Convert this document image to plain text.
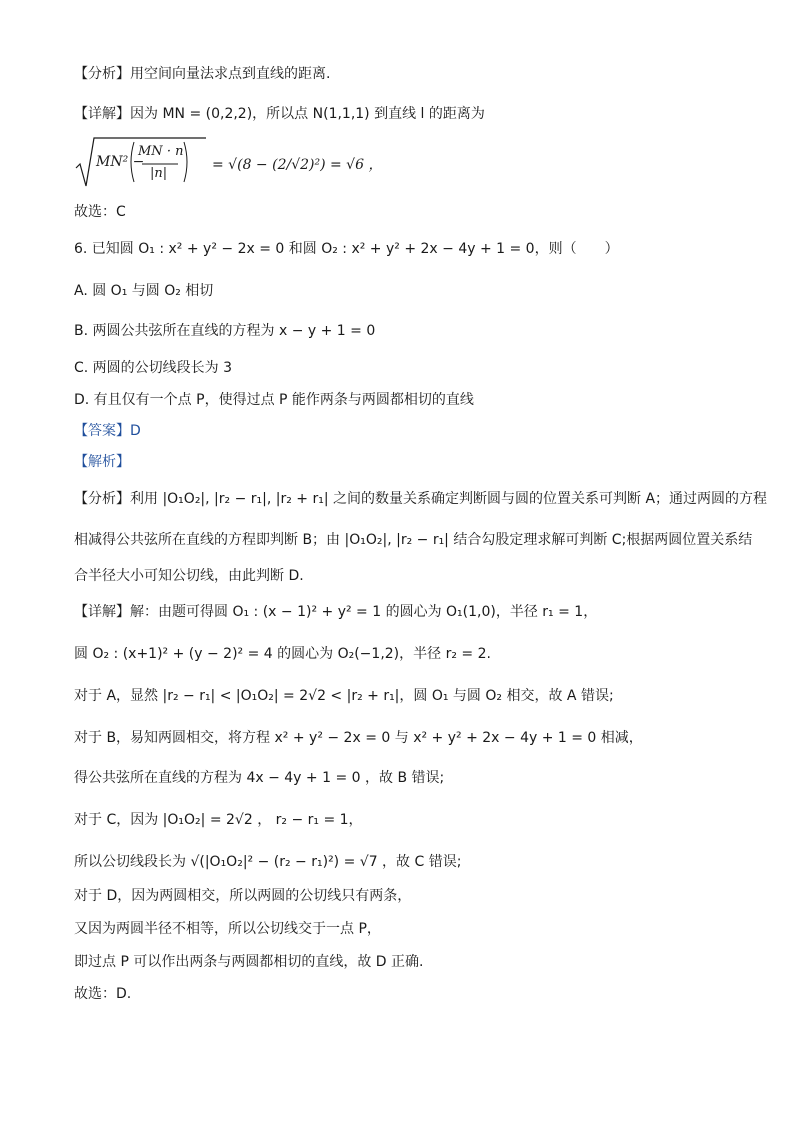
【分析】用空间向量法求点到直线的距离.
【详解】因为 MN = (0,2,2)，所以点 N(1,1,1) 到直线 l 的距离为
MN² −
MN · n
|n|
= √(8 − (2/√2)²) = √6 ，
故选：C
6. 已知圆 O₁ : x² + y² − 2x = 0 和圆 O₂ : x² + y² + 2x − 4y + 1 = 0，则（　　）
A. 圆 O₁ 与圆 O₂ 相切
B. 两圆公共弦所在直线的方程为 x − y + 1 = 0
C. 两圆的公切线段长为 3
D. 有且仅有一个点 P，使得过点 P 能作两条与两圆都相切的直线
【答案】D
【解析】
【分析】利用 |O₁O₂|, |r₂ − r₁|, |r₂ + r₁| 之间的数量关系确定判断圆与圆的位置关系可判断 A；通过两圆的方程
相减得公共弦所在直线的方程即判断 B；由 |O₁O₂|, |r₂ − r₁| 结合勾股定理求解可判断 C;根据两圆位置关系结
合半径大小可知公切线，由此判断 D.
【详解】解：由题可得圆 O₁ : (x − 1)² + y² = 1 的圆心为 O₁(1,0)，半径 r₁ = 1，
圆 O₂ : (x+1)² + (y − 2)² = 4 的圆心为 O₂(−1,2)，半径 r₂ = 2.
对于 A，显然 |r₂ − r₁| < |O₁O₂| = 2√2 < |r₂ + r₁|，圆 O₁ 与圆 O₂ 相交，故 A 错误;
对于 B，易知两圆相交，将方程 x² + y² − 2x = 0 与 x² + y² + 2x − 4y + 1 = 0 相减，
得公共弦所在直线的方程为 4x − 4y + 1 = 0 ，故 B 错误;
对于 C，因为 |O₁O₂| = 2√2 ， r₂ − r₁ = 1，
所以公切线段长为 √(|O₁O₂|² − (r₂ − r₁)²) = √7 ，故 C 错误;
对于 D，因为两圆相交，所以两圆的公切线只有两条，
又因为两圆半径不相等，所以公切线交于一点 P，
即过点 P 可以作出两条与两圆都相切的直线，故 D 正确.
故选：D.
